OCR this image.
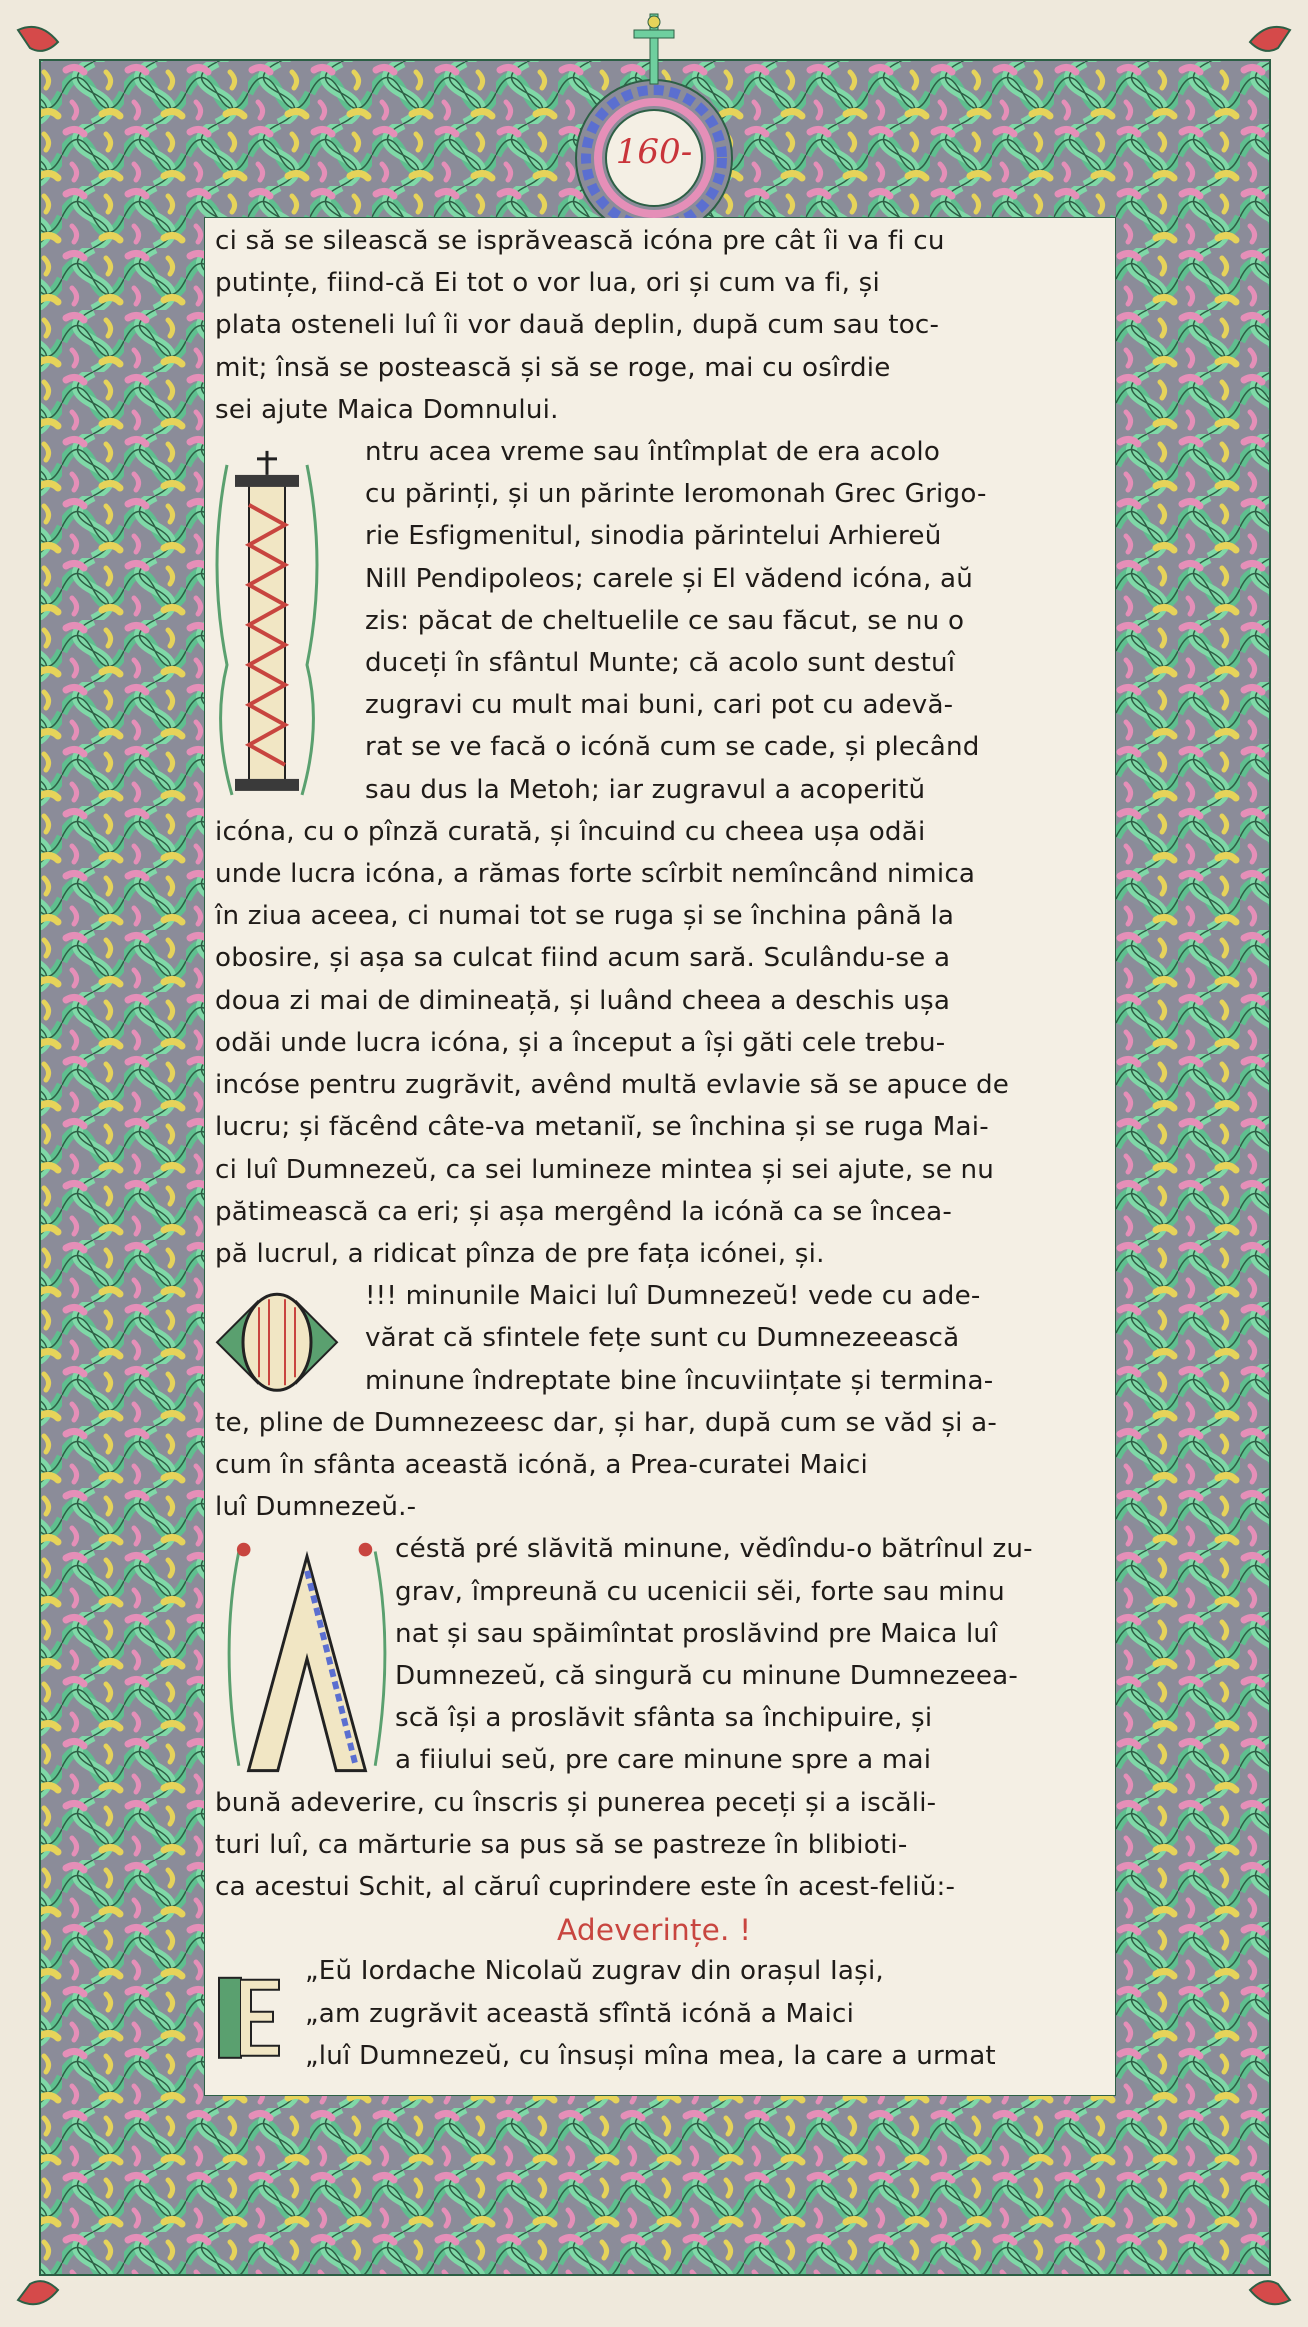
160-
ci să se silească se isprăvească icóna pre cât îi va fi cu
putințe, fiind-că Ei tot o vor lua, ori și cum va fi, și
plata osteneli luî îi vor dauă deplin, după cum sau toc-
mit; însă se postească și să se roge, mai cu osîrdie
sei ajute Maica Domnului.
ntru acea vreme sau întîmplat de era acolo
cu părinți, și un părinte Ieromonah Grec Grigo-
rie Esfigmenitul, sinodia părintelui Arhiereŭ
Nill Pendipoleos; carele și El vădend icóna, aŭ
zis: păcat de cheltuelile ce sau făcut, se nu o
duceți în sfântul Munte; că acolo sunt destuî
zugravi cu mult mai buni, cari pot cu adevă-
rat se ve facă o icónă cum se cade, și plecând
sau dus la Metoh; iar zugravul a acoperitŭ
icóna, cu o pînză curată, și încuind cu cheea ușa odăi
unde lucra icóna, a rămas forte scîrbit nemîncând nimica
în ziua aceea, ci numai tot se ruga și se închina până la
obosire, și așa sa culcat fiind acum sară. Sculându-se a
doua zi mai de dimineață, și luând cheea a deschis ușa
odăi unde lucra icóna, și a început a își găti cele trebu-
incóse pentru zugrăvit, avênd multă evlavie să se apuce de
lucru; și făcênd câte-va metaniĭ, se închina și se ruga Mai-
ci luî Dumnezeŭ, ca sei lumineze mintea și sei ajute, se nu
pătimească ca eri; și așa mergênd la icónă ca se încea-
pă lucrul, a ridicat pînza de pre fața icónei, și.
!!! minunile Maici luî Dumnezeŭ! vede cu ade-
vărat că sfintele fețe sunt cu Dumnezeească
minune îndreptate bine încuviințate și termina-
te, pline de Dumnezeesc dar, și har, după cum se văd și a-
cum în sfânta această icónă, a Prea-curatei Maici
luî Dumnezeŭ.-
céstă pré slăvită minune, vĕdîndu-o bătrînul zu-
grav, împreună cu ucenicii sĕi, forte sau minu
nat și sau spăimîntat proslăvind pre Maica luî
Dumnezeŭ, că singură cu minune Dumnezeea-
scă își a proslăvit sfânta sa închipuire, și
a fiiului seŭ, pre care minune spre a mai
bună adeverire, cu înscris și punerea peceți și a iscăli-
turi luî, ca mărturie sa pus să se pastreze în blibioti-
ca acestui Schit, al căruî cuprindere este în acest-feliŭ:-
Adeverințe. !
„Eŭ Iordache Nicolaŭ zugrav din orașul Iași,
„am zugrăvit această sfîntă icónă a Maici
„luî Dumnezeŭ, cu însuși mîna mea, la care a urmat
